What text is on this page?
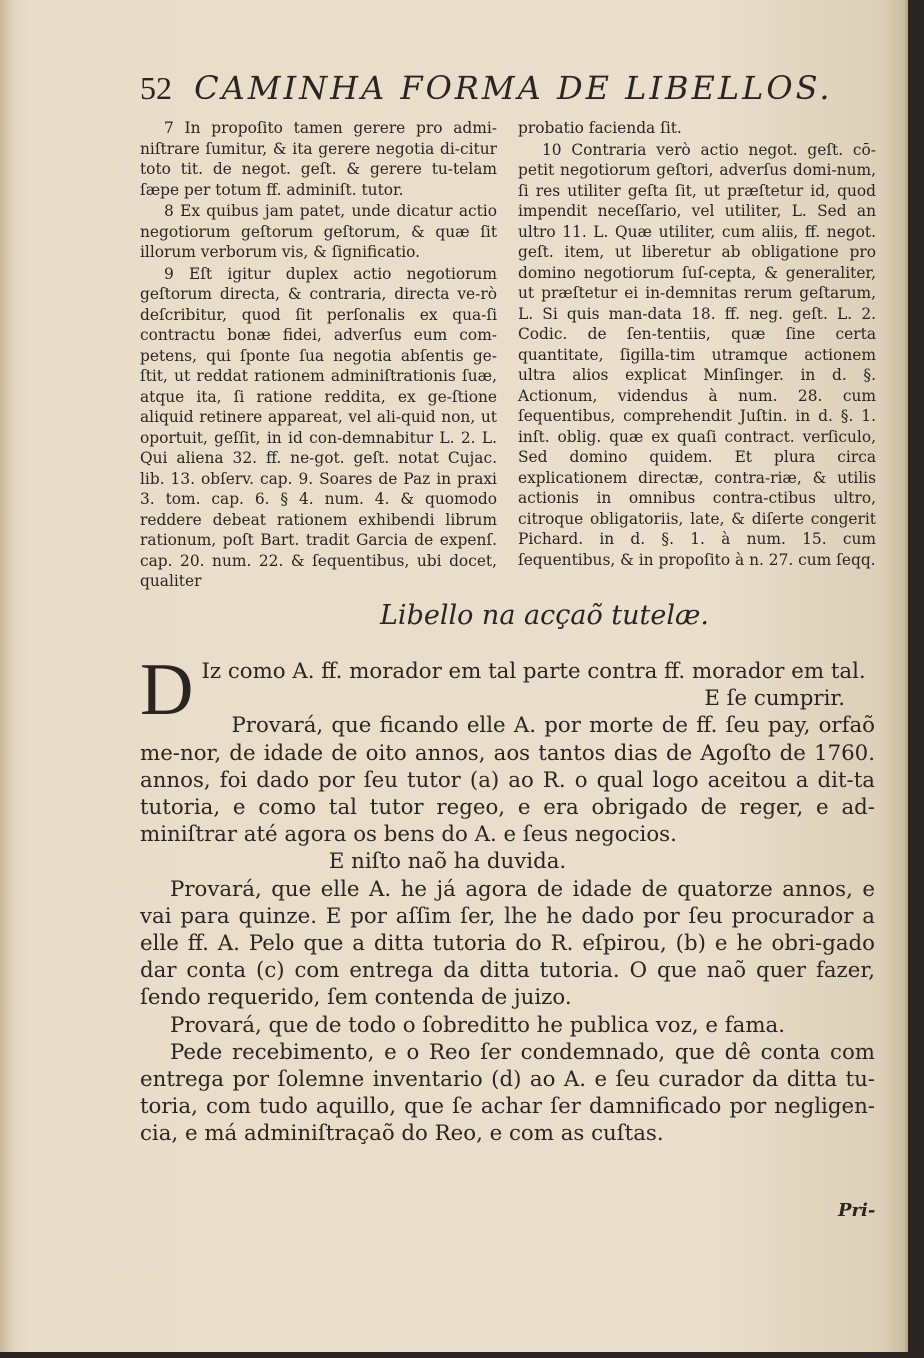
52 CAMINHA FORMA DE LIBELLOS.

7 In propoſito tamen gerere pro admi-niſtrare ſumitur, & ita gerere negotia di-citur toto tit. de negot. geſt. & gerere tu-telam ſæpe per totum ff. adminiſt. tutor.

8 Ex quibus jam patet, unde dicatur actio negotiorum geſtorum geſtorum, & quæ ſit illorum verborum vis, & ſignificatio.

9 Eſt igitur duplex actio negotiorum geſtorum directa, & contraria, directa ve-rò deſcribitur, quod ſit perſonalis ex qua-ſi contractu bonæ fidei, adverſus eum com-petens, qui ſponte ſua negotia abſentis ge-ſtit, ut reddat rationem adminiſtrationis ſuæ, atque ita, ſi ratione reddita, ex ge-ſtione aliquid retinere appareat, vel ali-quid non, ut oportuit, geſſit, in id con-demnabitur L. 2. L. Qui aliena 32. ff. ne-got. geſt. notat Cujac. lib. 13. obſerv. cap. 9. Soares de Paz in praxi 3. tom. cap. 6. § 4. num. 4. & quomodo reddere debeat rationem exhibendi librum rationum, poſt Bart. tradit Garcia de expenſ. cap. 20. num. 22. & ſequentibus, ubi docet, qualiter

probatio facienda ſit.

10 Contraria verò actio negot. geſt. cō-petit negotiorum geſtori, adverſus domi-num, ſi res utiliter geſta ſit, ut præſtetur id, quod impendit neceſſario, vel utiliter, L. Sed an ultro 11. L. Quæ utiliter, cum aliis, ff. negot. geſt. item, ut liberetur ab obligatione pro domino negotiorum ſuſ-cepta, & generaliter, ut præſtetur ei in-demnitas rerum geſtarum, L. Si quis man-data 18. ff. neg. geſt. L. 2. Codic. de ſen-tentiis, quæ ſine certa quantitate, ſigilla-tim utramque actionem ultra alios explicat Minſinger. in d. §. Actionum, videndus à num. 28. cum ſequentibus, comprehendit Juſtin. in d. §. 1. inſt. oblig. quæ ex quaſi contract. verſiculo, Sed domino quidem. Et plura circa explicationem directæ, contra-riæ, & utilis actionis in omnibus contra-ctibus ultro, citroque obligatoriis, late, & diſerte congerit Pichard. in d. §. 1. à num. 15. cum ſequentibus, & in propoſito à n. 27. cum ſeqq.

Libello na acçaõ tutelæ.

D Iz como A. ff. morador em tal parte contra ff. morador em tal.

E ſe cumprir.

Provará, que ficando elle A. por morte de ff. ſeu pay, orfaõ me-nor, de idade de oito annos, aos tantos dias de Agoſto de 1760. annos, foi dado por ſeu tutor (a) ao R. o qual logo aceitou a dit-ta tutoria, e como tal tutor regeo, e era obrigado de reger, e ad-miniſtrar até agora os bens do A. e ſeus negocios.

E niſto naõ ha duvida.

Provará, que elle A. he já agora de idade de quatorze annos, e vai para quinze. E por aſſim ſer, lhe he dado por ſeu procurador a elle ff. A. Pelo que a ditta tutoria do R. eſpirou, (b) e he obri-gado dar conta (c) com entrega da ditta tutoria. O que naõ quer fazer, ſendo requerido, ſem contenda de juizo.

Provará, que de todo o ſobreditto he publica voz, e fama.

Pede recebimento, e o Reo ſer condemnado, que dê conta com entrega por ſolemne inventario (d) ao A. e ſeu curador da ditta tu-toria, com tudo aquillo, que ſe achar ſer damnificado por negligen-cia, e má adminiſtraçaõ do Reo, e com as cuſtas.

Pri-
